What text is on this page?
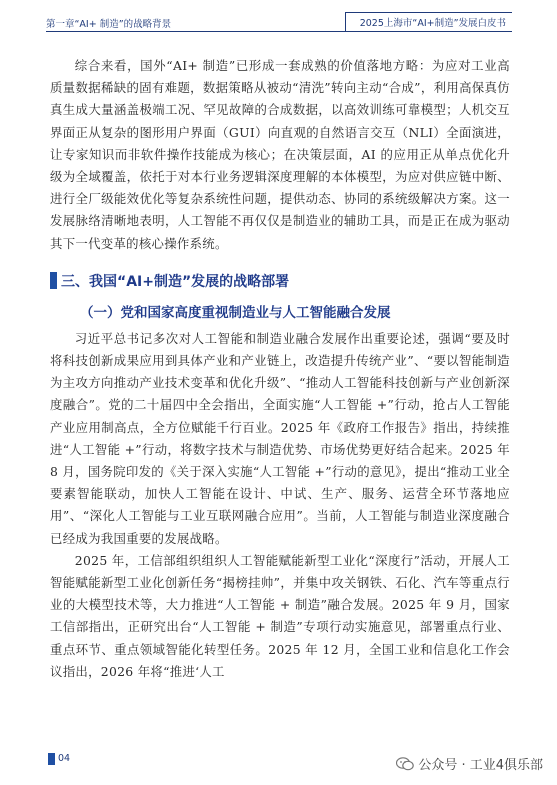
第一章“AI+ 制造”的战略背景	2025上海市“AI+制造”发展白皮书

综合来看，国外“AI+ 制造”已形成一套成熟的价值落地方略：为应对工业高质量数据稀缺的固有难题，数据策略从被动“清洗”转向主动“合成”，利用高保真仿真生成大量涵盖极端工况、罕见故障的合成数据，以高效训练可靠模型；人机交互界面正从复杂的图形用户界面（GUI）向直观的自然语言交互（NLI）全面演进，让专家知识而非软件操作技能成为核心；在决策层面，AI 的应用正从单点优化升级为全域覆盖，依托于对本行业务逻辑深度理解的本体模型，为应对供应链中断、进行全厂级能效优化等复杂系统性问题，提供动态、协同的系统级解决方案。这一发展脉络清晰地表明，人工智能不再仅仅是制造业的辅助工具，而是正在成为驱动其下一代变革的核心操作系统。

三、我国“AI+制造”发展的战略部署
（一）党和国家高度重视制造业与人工智能融合发展

习近平总书记多次对人工智能和制造业融合发展作出重要论述，强调“要及时将科技创新成果应用到具体产业和产业链上，改造提升传统产业”、“要以智能制造为主攻方向推动产业技术变革和优化升级”、“推动人工智能科技创新与产业创新深度融合”。党的二十届四中全会指出，全面实施“人工智能 +”行动，抢占人工智能产业应用制高点，全方位赋能千行百业。2025 年《政府工作报告》指出，持续推进“人工智能 +”行动，将数字技术与制造优势、市场优势更好结合起来。2025 年 8 月，国务院印发的《关于深入实施“人工智能 +”行动的意见》，提出“推动工业全要素智能联动，加快人工智能在设计、中试、生产、服务、运营全环节落地应用”、“深化人工智能与工业互联网融合应用”。当前，人工智能与制造业深度融合已经成为我国重要的发展战略。

2025 年，工信部组织组织人工智能赋能新型工业化“深度行”活动，开展人工智能赋能新型工业化创新任务“揭榜挂帅”，并集中攻关钢铁、石化、汽车等重点行业的大模型技术等，大力推进“人工智能 + 制造”融合发展。2025 年 9 月，国家工信部指出，正研究出台“人工智能 + 制造”专项行动实施意见，部署重点行业、重点环节、重点领域智能化转型任务。2025 年 12 月，全国工业和信息化工作会议指出，2026 年将“推进‘人工

04	公众号 · 工业4俱乐部
